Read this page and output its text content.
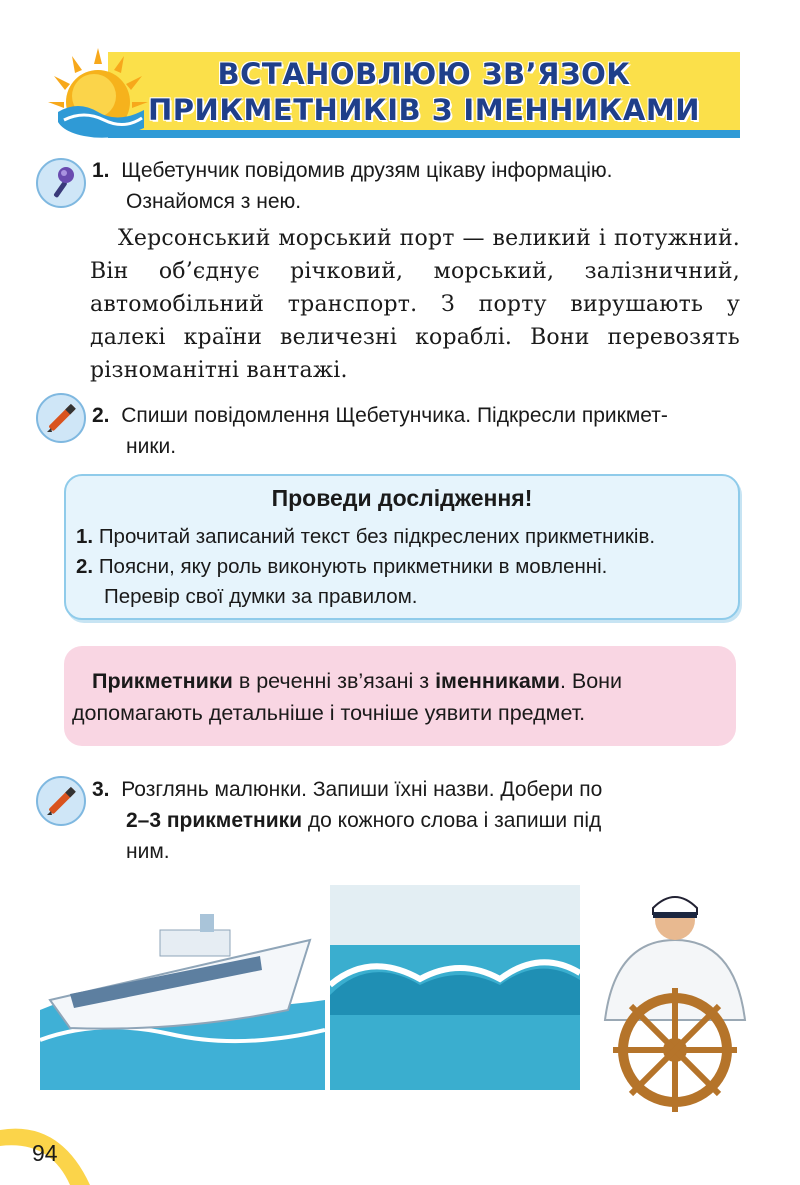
ВСТАНОВЛЮЮ ЗВ’ЯЗОК
ПРИКМЕТНИКІВ З ІМЕННИКАМИ
1. Щебетунчик повідомив друзям цікаву інформацію.
Ознайомся з нею.
Херсонський морський порт — великий і потужний. Він об’єднує річковий, морський, залізничний, автомобільний транспорт. З порту вирушають у далекі країни величезні кораблі. Вони перевозять різноманітні вантажі.
2. Спиши повідомлення Щебетунчика. Підкресли прикмет-
ники.
Проведи дослідження!
1. Прочитай записаний текст без підкреслених прикметників.
2. Поясни, яку роль виконують прикметники в мовленні.
Перевір свої думки за правилом.
Прикметники в реченні зв’язані з іменниками. Вони
допомагають детальніше і точніше уявити предмет.
3. Розглянь малюнки. Запиши їхні назви. Добери по
2–3 прикметники до кожного слова і запиши під
ним.
94
